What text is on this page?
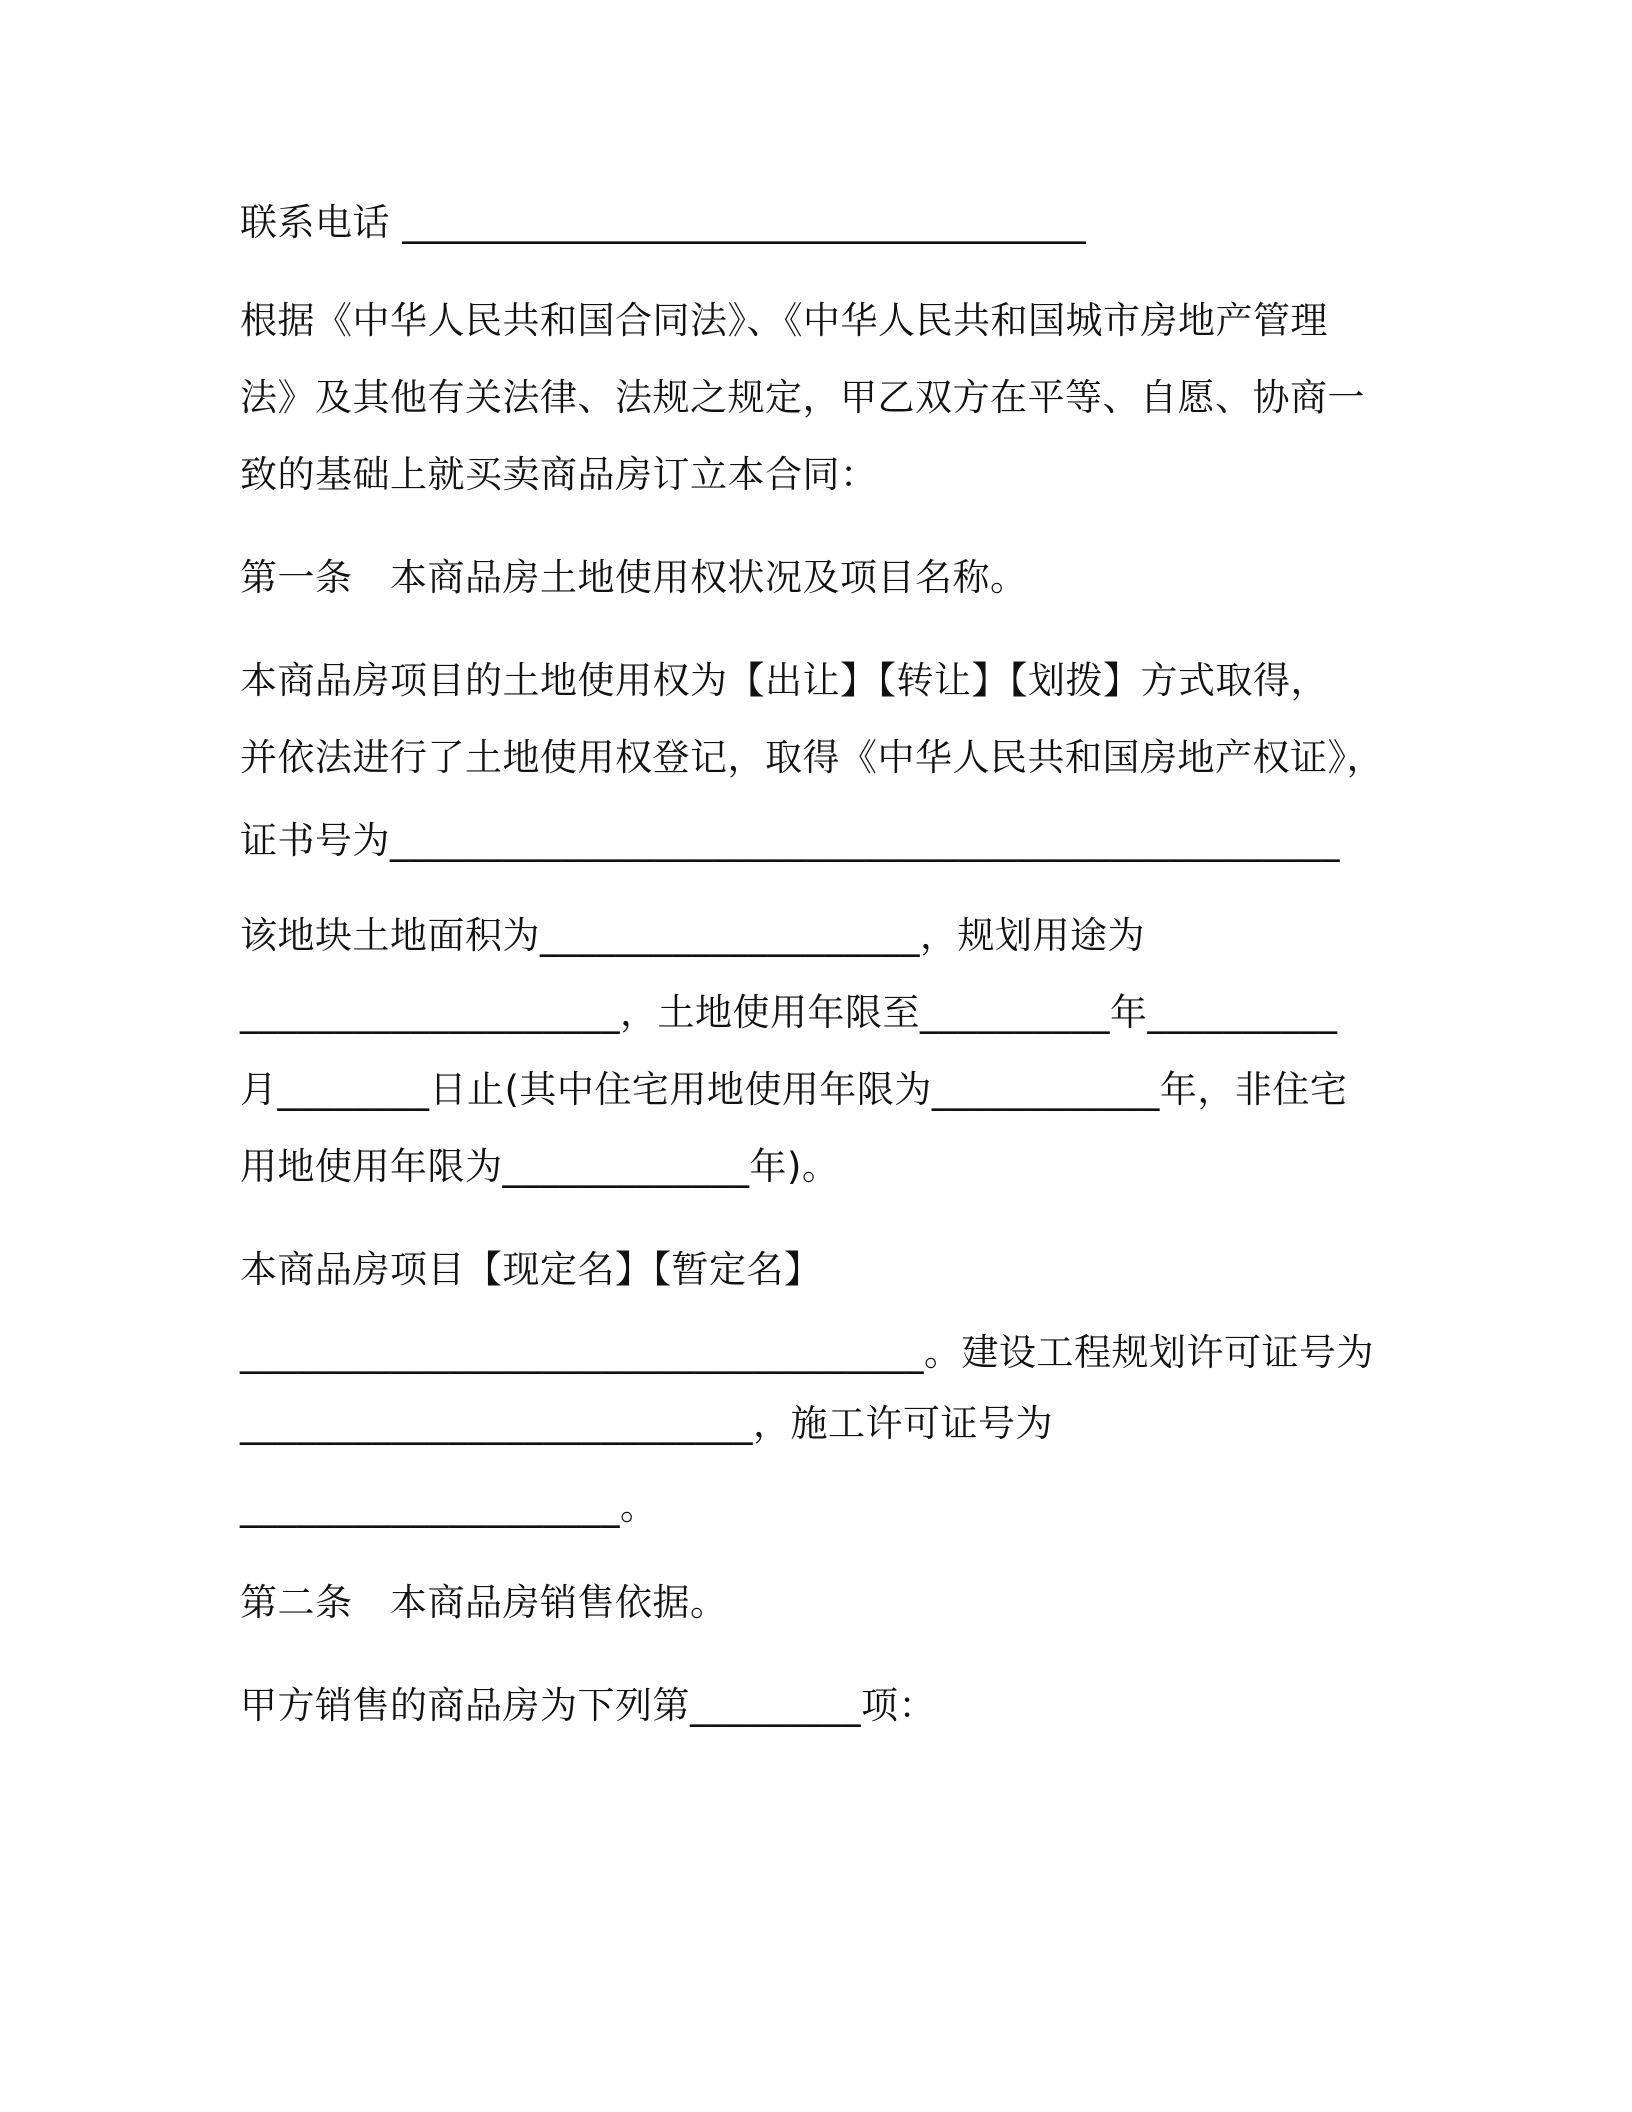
联系电话 ____________________________________
根据《中华人民共和国合同法》、《中华人民共和国城市房地产管理
法》及其他有关法律、法规之规定，甲乙双方在平等、自愿、协商一
致的基础上就买卖商品房订立本合同：
第一条　本商品房土地使用权状况及项目名称。
本商品房项目的土地使用权为【出让】【转让】【划拨】方式取得，
并依法进行了土地使用权登记，取得《中华人民共和国房地产权证》，
证书号为__________________________________________________
该地块土地面积为____________________，规划用途为
____________________，土地使用年限至__________年__________
月________日止(其中住宅用地使用年限为____________年，非住宅
用地使用年限为_____________年)。
本商品房项目【现定名】【暂定名】
____________________________________。建设工程规划许可证号为
___________________________，施工许可证号为
____________________。
第二条　本商品房销售依据。
甲方销售的商品房为下列第_________项：
